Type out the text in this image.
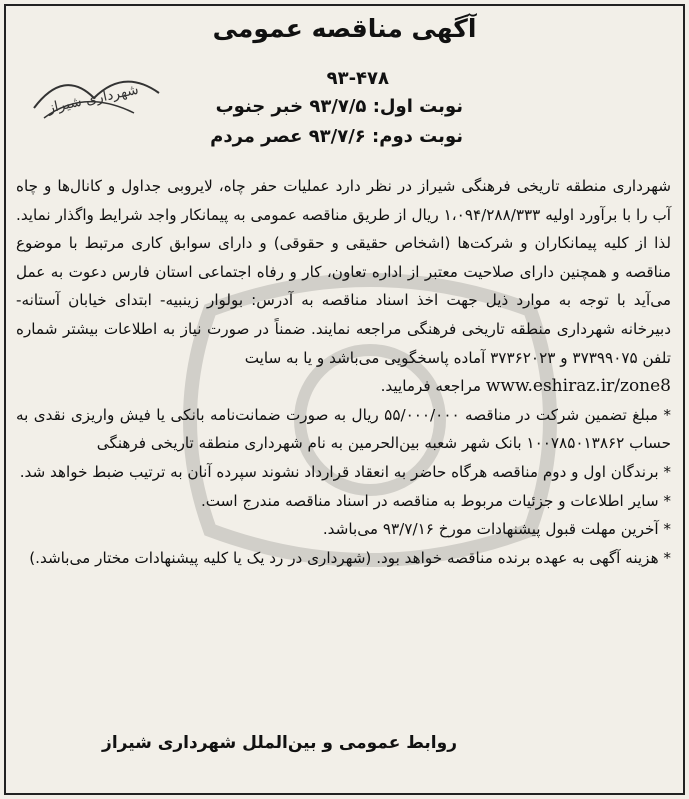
آگهی مناقصه عمومی
۹۳-۴۷۸
نوبت اول: ۹۳/۷/۵ خبر جنوب
نوبت دوم: ۹۳/۷/۶ عصر مردم
شهرداری شیراز

شهرداری منطقه تاریخی فرهنگی شیراز در نظر دارد عملیات حفر چاه، لایروبی جداول و کانال‌ها و چاه آب را با برآورد اولیه ۱،۰۹۴/۲۸۸/۳۳۳ ریال از طریق مناقصه عمومی به پیمانکار واجد شرایط واگذار نماید. لذا از کلیه پیمانکاران و شرکت‌ها (اشخاص حقیقی و حقوقی) و دارای سوابق کاری مرتبط با موضوع مناقصه و همچنین دارای صلاحیت معتبر از اداره تعاون، کار و رفاه اجتماعی استان فارس دعوت به عمل می‌آید با توجه به موارد ذیل جهت اخذ اسناد مناقصه به آدرس: بولوار زینبیه- ابتدای خیابان آستانه- دبیرخانه شهرداری منطقه تاریخی فرهنگی مراجعه نمایند. ضمناً در صورت نیاز به اطلاعات بیشتر شماره تلفن ۳۷۳۹۹۰۷۵ و ۳۷۳۶۲۰۲۳ آماده پاسخگویی می‌باشد و یا به سایت
www.eshiraz.ir/zone8 مراجعه فرمایید.

* مبلغ تضمین شرکت در مناقصه ۵۵/۰۰۰/۰۰۰ ریال به صورت ضمانت‌نامه بانکی یا فیش واریزی نقدی به حساب ۱۰۰۷۸۵۰۱۳۸۶۲ بانک شهر شعبه بین‌الحرمین به نام شهرداری منطقه تاریخی فرهنگی

* برندگان اول و دوم مناقصه هرگاه حاضر به انعقاد قرارداد نشوند سپرده آنان به ترتیب ضبط خواهد شد.

* سایر اطلاعات و جزئیات مربوط به مناقصه در اسناد مناقصه مندرج است.

* آخرین مهلت قبول پیشنهادات مورخ ۹۳/۷/۱۶ می‌باشد.

* هزینه آگهی به عهده برنده مناقصه خواهد بود. (شهرداری در رد یک یا کلیه پیشنهادات مختار می‌باشد.)

روابط عمومی و بین‌الملل شهرداری شیراز
